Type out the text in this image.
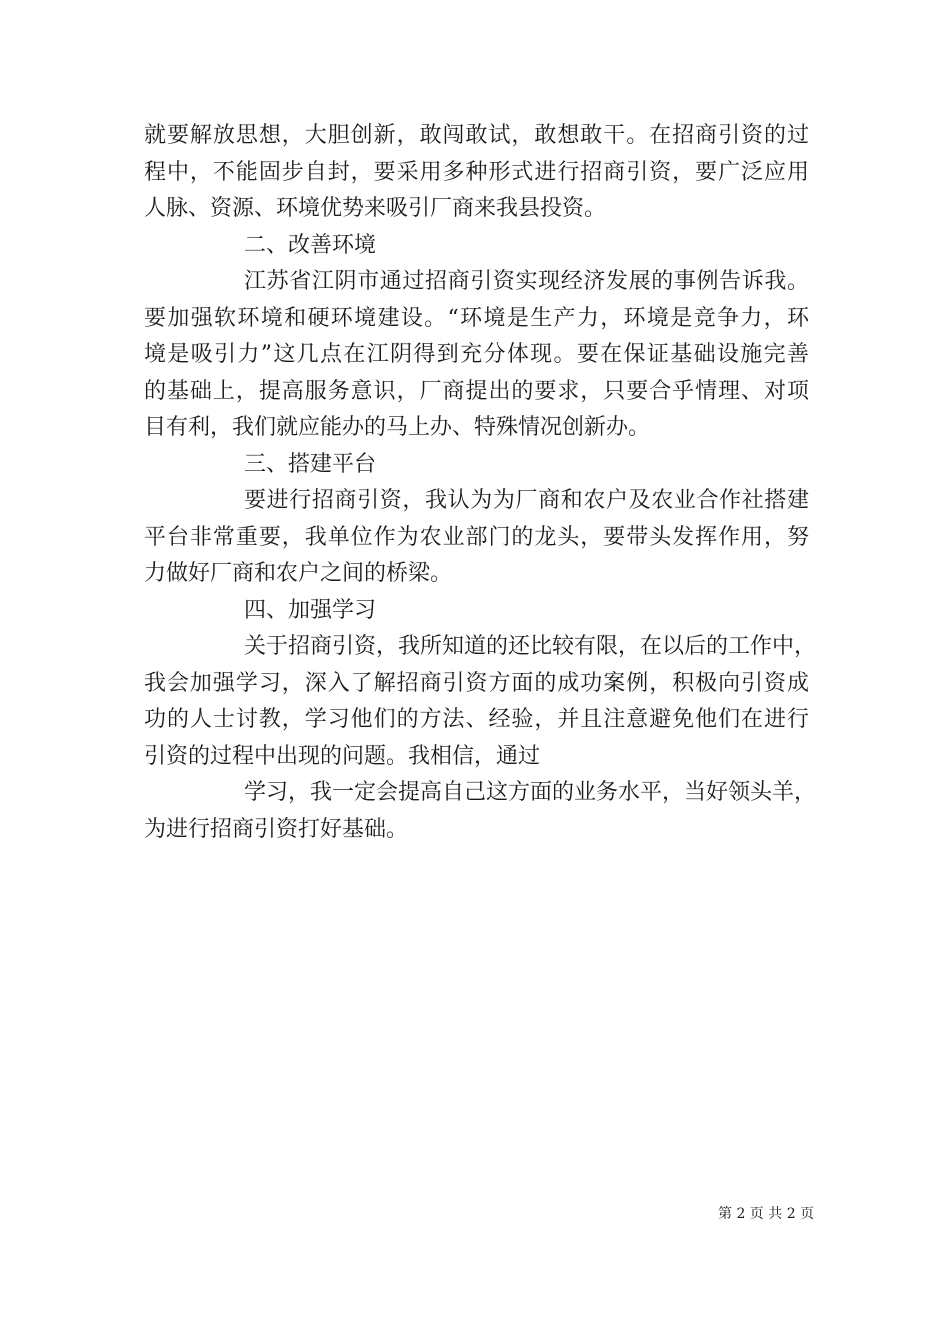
就要解放思想，大胆创新，敢闯敢试，敢想敢干。在招商引资的过
程中，不能固步自封，要采用多种形式进行招商引资，要广泛应用
人脉、资源、环境优势来吸引厂商来我县投资。
二、改善环境
江苏省江阴市通过招商引资实现经济发展的事例告诉我。
要加强软环境和硬环境建设。“环境是生产力，环境是竞争力，环
境是吸引力”这几点在江阴得到充分体现。要在保证基础设施完善
的基础上，提高服务意识，厂商提出的要求，只要合乎情理、对项
目有利，我们就应能办的马上办、特殊情况创新办。
三、搭建平台
要进行招商引资，我认为为厂商和农户及农业合作社搭建
平台非常重要，我单位作为农业部门的龙头，要带头发挥作用，努
力做好厂商和农户之间的桥梁。
四、加强学习
关于招商引资，我所知道的还比较有限，在以后的工作中，
我会加强学习，深入了解招商引资方面的成功案例，积极向引资成
功的人士讨教，学习他们的方法、经验，并且注意避免他们在进行
引资的过程中出现的问题。我相信，通过
学习，我一定会提高自己这方面的业务水平，当好领头羊，
为进行招商引资打好基础。
第 2 页 共 2 页
